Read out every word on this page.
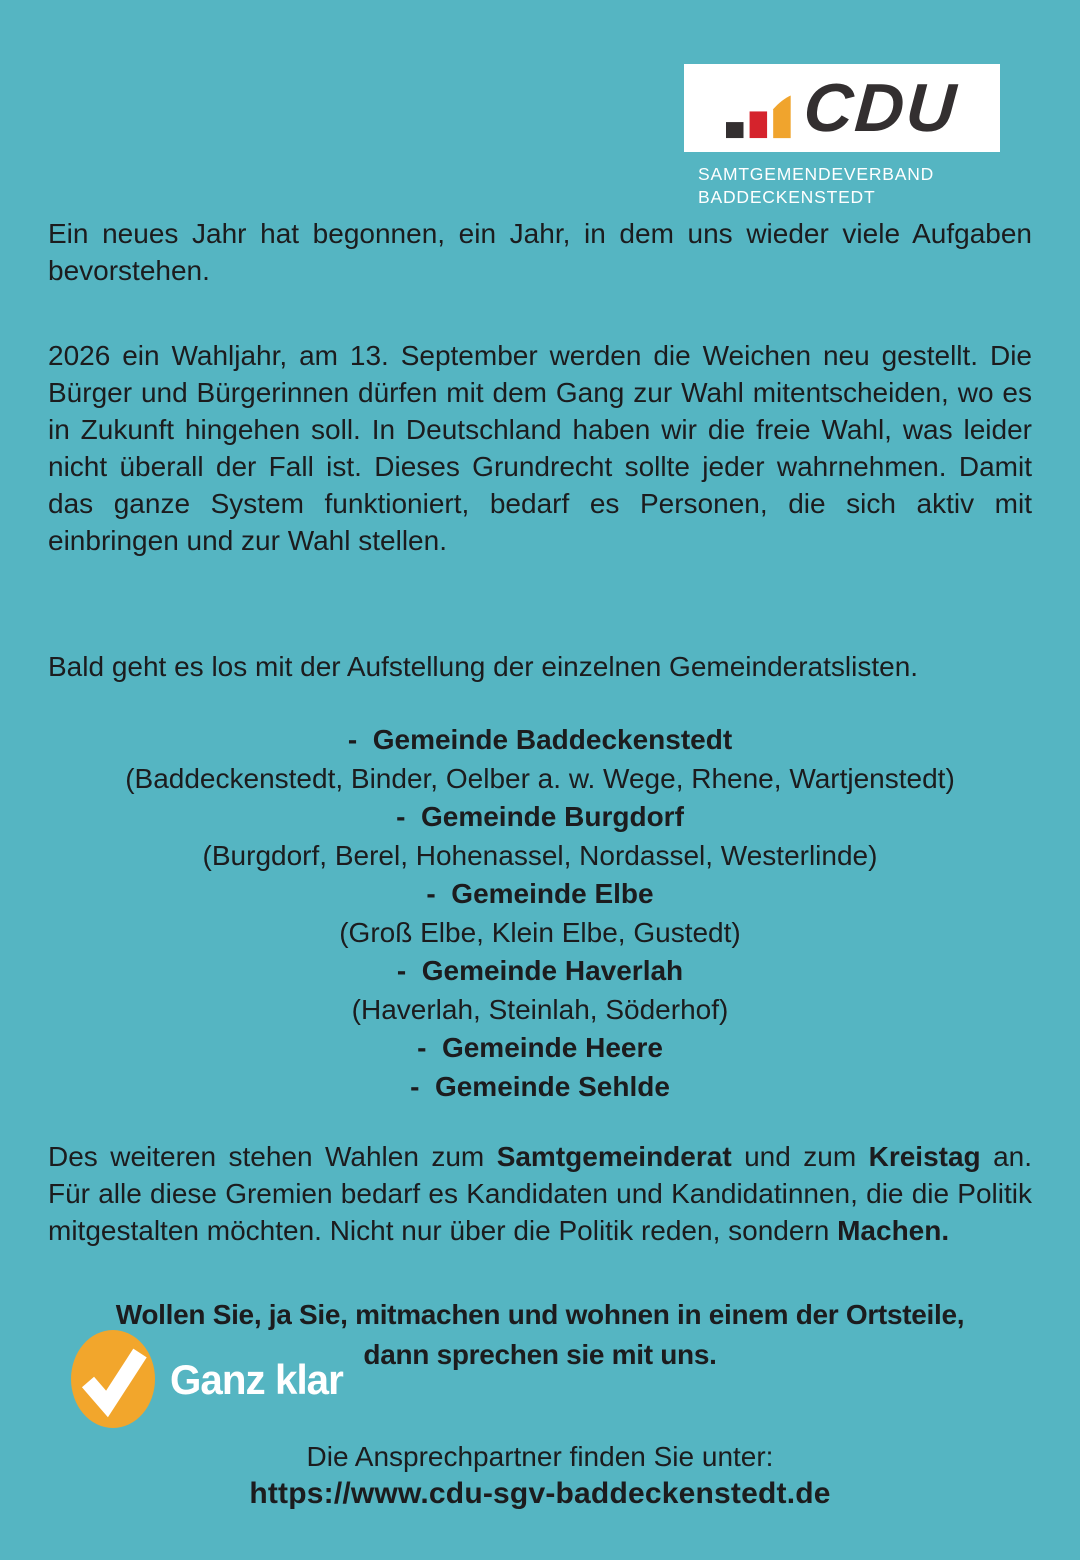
CDU
SAMTGEMENDEVERBAND
BADDECKENSTEDT

Ein neues Jahr hat begonnen, ein Jahr, in dem uns wieder viele Aufgaben bevorstehen.

2026 ein Wahljahr, am 13. September werden die Weichen neu gestellt. Die Bürger und Bürgerinnen dürfen mit dem Gang zur Wahl mitentscheiden, wo es in Zukunft hingehen soll. In Deutschland haben wir die freie Wahl, was leider nicht überall der Fall ist. Dieses Grundrecht sollte jeder wahrnehmen. Damit das ganze System funktioniert, bedarf es Personen, die sich aktiv mit einbringen und zur Wahl stellen.

Bald geht es los mit der Aufstellung der einzelnen Gemeinderatslisten.

-  Gemeinde Baddeckenstedt
(Baddeckenstedt, Binder, Oelber a. w. Wege, Rhene, Wartjenstedt)
-  Gemeinde Burgdorf
(Burgdorf, Berel, Hohenassel, Nordassel, Westerlinde)
-  Gemeinde Elbe
(Groß Elbe, Klein Elbe, Gustedt)
-  Gemeinde Haverlah
(Haverlah, Steinlah, Söderhof)
-  Gemeinde Heere
-  Gemeinde Sehlde

Des weiteren stehen Wahlen zum Samtgemeinderat und zum Kreistag an. Für alle diese Gremien bedarf es Kandidaten und Kandidatinnen, die die Politik mitgestalten möchten. Nicht nur über die Politik reden, sondern Machen.

Wollen Sie, ja Sie, mitmachen und wohnen in einem der Ortsteile,
dann sprechen sie mit uns.
Ganz klar
Die Ansprechpartner finden Sie unter:
https://www.cdu-sgv-baddeckenstedt.de
